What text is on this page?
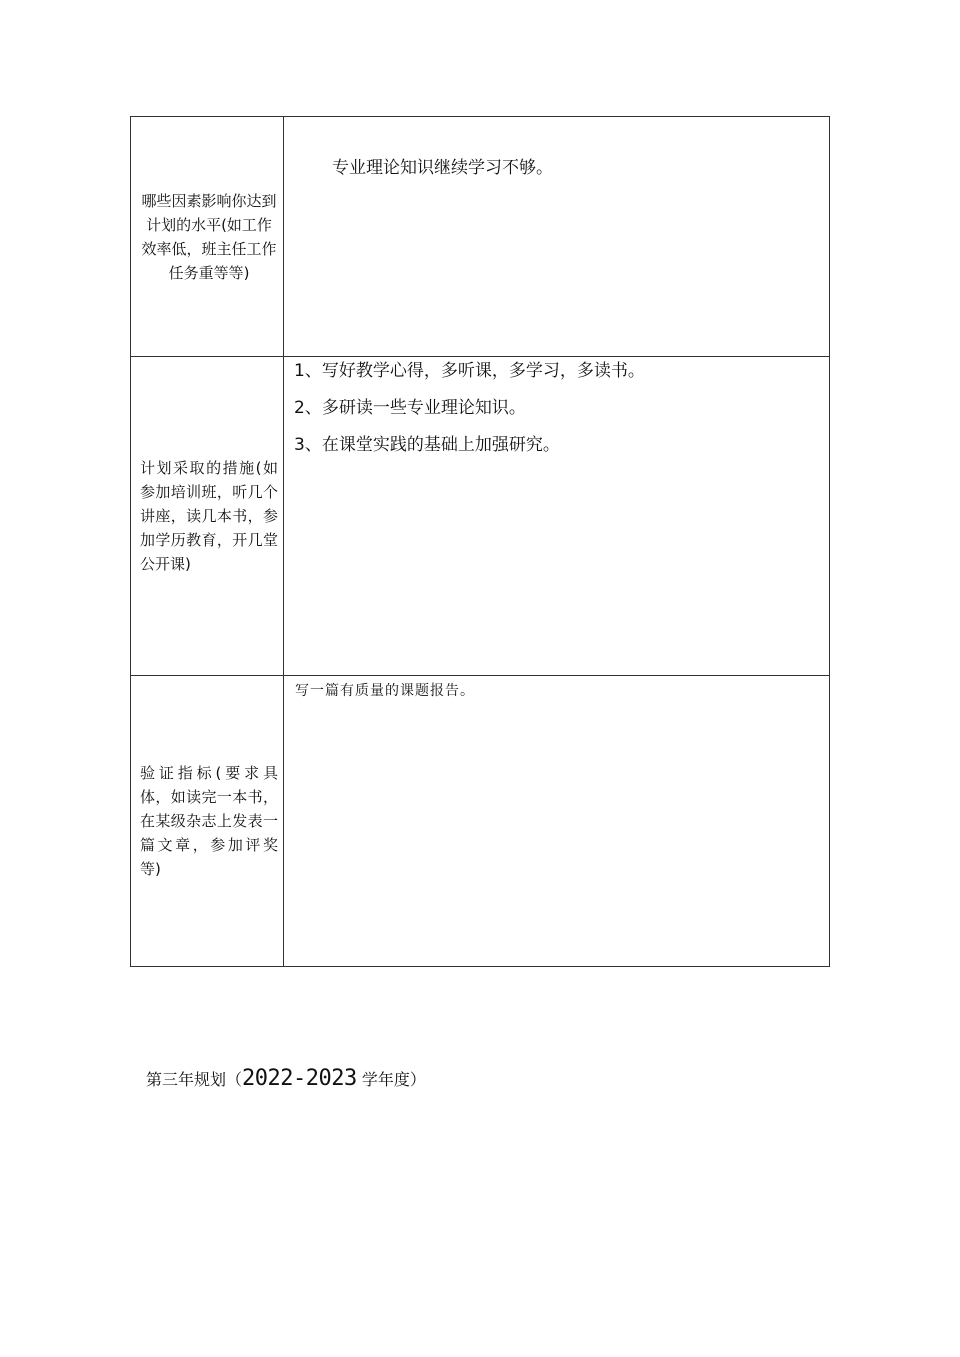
哪些因素影响你达到计划的水平(如工作效率低，班主任工作任务重等等)	专业理论知识继续学习不够。

计划采取的措施(如参加培训班，听几个讲座，读几本书，参加学历教育，开几堂公开课)	1、写好教学心得，多听课，多学习，多读书。
2、多研读一些专业理论知识。
3、在课堂实践的基础上加强研究。

验证指标(要求具体，如读完一本书，在某级杂志上发表一篇文章，参加评奖等)	写一篇有质量的课题报告。
第三年规划（2022-2023 学年度）
